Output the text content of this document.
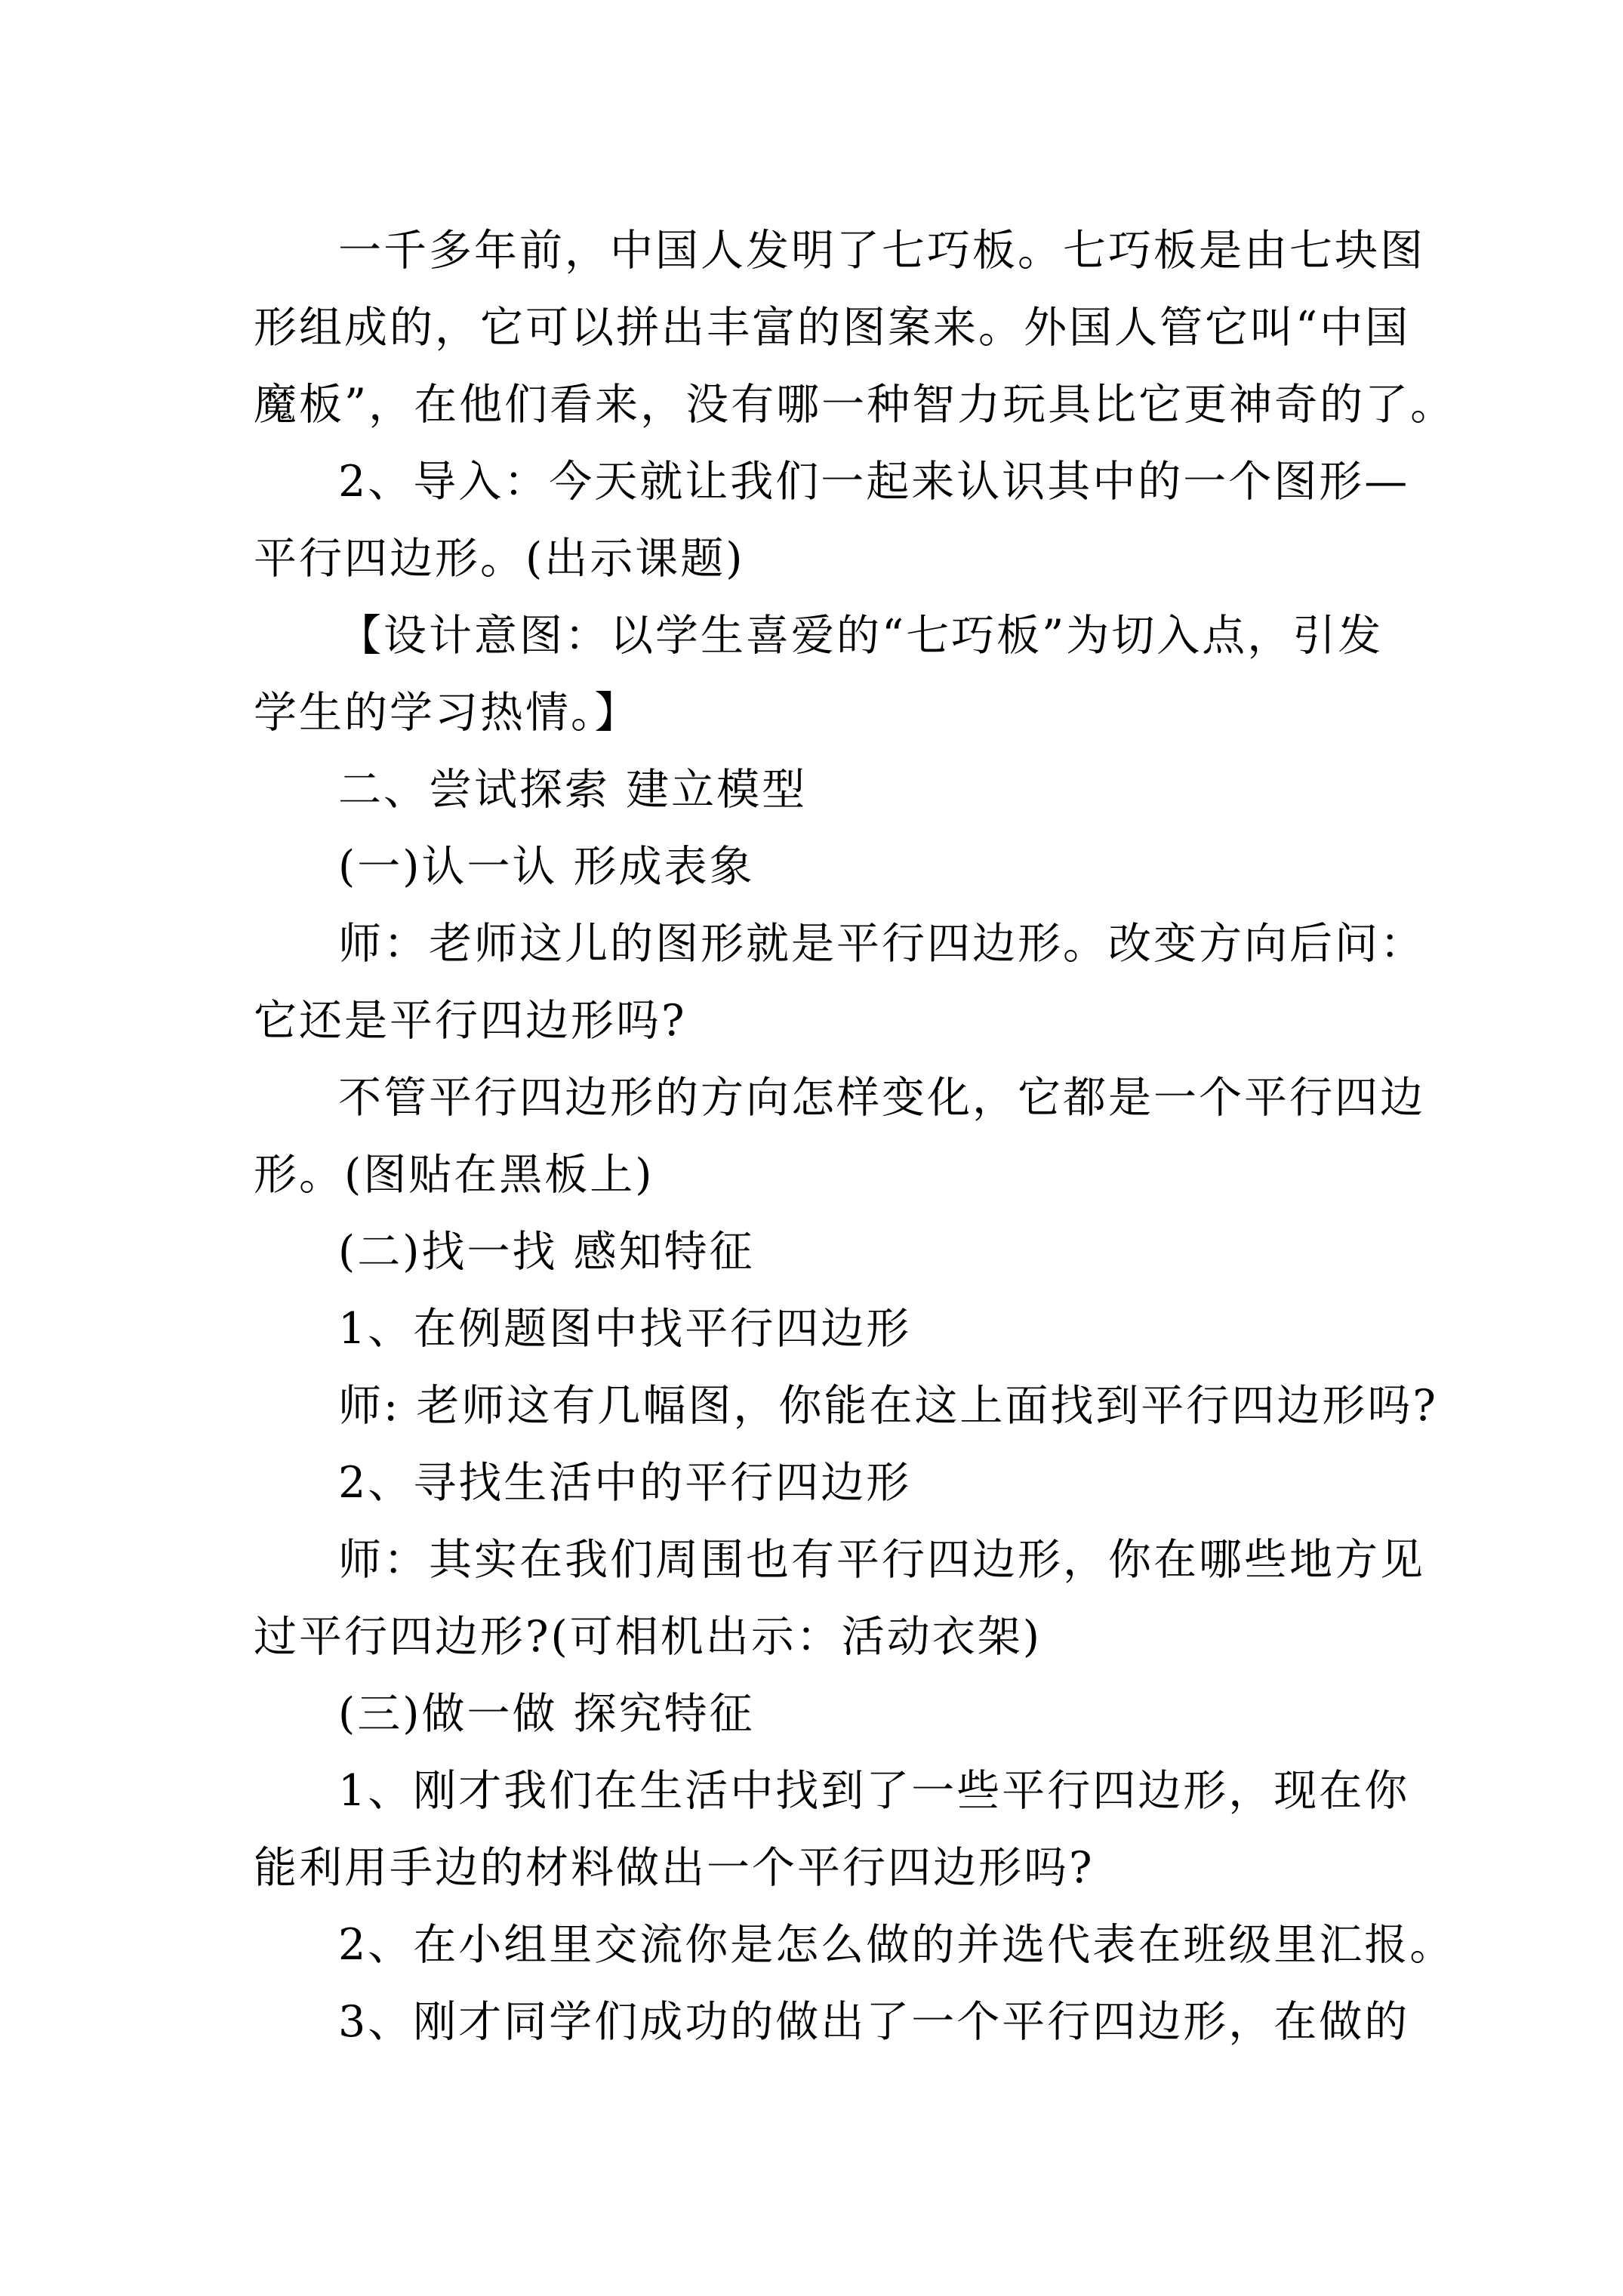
一千多年前，中国人发明了七巧板。七巧板是由七块图
形组成的，它可以拼出丰富的图案来。外国人管它叫“中国
魔板”，在他们看来，没有哪一种智力玩具比它更神奇的了。
2、导入：今天就让我们一起来认识其中的一个图形—
平行四边形。(出示课题)
【设计意图：以学生喜爱的“七巧板”为切入点，引发
学生的学习热情。】
二、尝试探索 建立模型
(一)认一认 形成表象
师：老师这儿的图形就是平行四边形。改变方向后问：
它还是平行四边形吗?
不管平行四边形的方向怎样变化，它都是一个平行四边
形。(图贴在黑板上)
(二)找一找 感知特征
1、在例题图中找平行四边形
师: 老师这有几幅图，你能在这上面找到平行四边形吗?
2、寻找生活中的平行四边形
师：其实在我们周围也有平行四边形，你在哪些地方见
过平行四边形?(可相机出示：活动衣架)
(三)做一做 探究特征
1、刚才我们在生活中找到了一些平行四边形，现在你
能利用手边的材料做出一个平行四边形吗?
2、在小组里交流你是怎么做的并选代表在班级里汇报。
3、刚才同学们成功的做出了一个平行四边形，在做的
